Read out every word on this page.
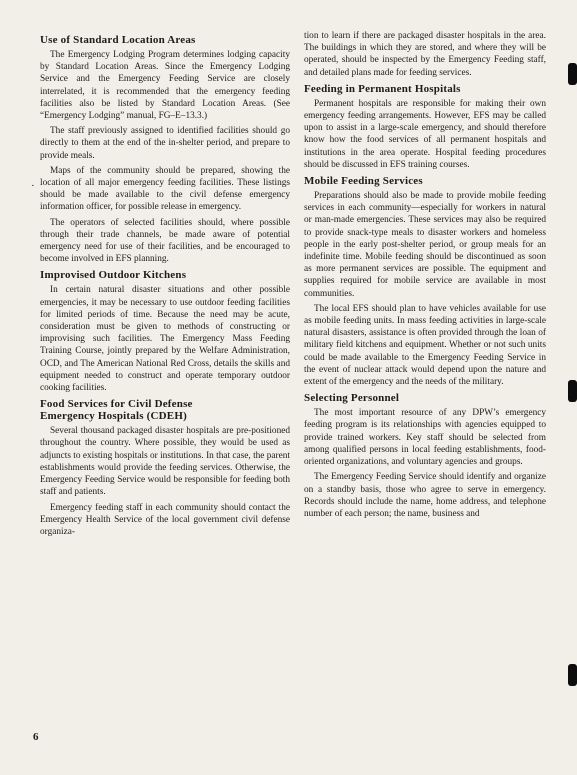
Use of Standard Location Areas

The Emergency Lodging Program determines lodging capacity by Standard Location Areas. Since the Emergency Lodging Service and the Emergency Feeding Service are closely interrelated, it is recommended that the emergency feeding facilities also be listed by Standard Location Areas. (See “Emergency Lodging” manual, FG–E–13.3.)

The staff previously assigned to identified facilities should go directly to them at the end of the in-shelter period, and prepare to provide meals.

Maps of the community should be prepared, showing the location of all major emergency feeding facilities. These listings should be made available to the civil defense emergency information officer, for possible release in emergency.

The operators of selected facilities should, where possible through their trade channels, be made aware of potential emergency need for use of their facilities, and be encouraged to become involved in EFS planning.

Improvised Outdoor Kitchens

In certain natural disaster situations and other possible emergencies, it may be necessary to use outdoor feeding facilities for limited periods of time. Because the need may be acute, consideration must be given to methods of constructing or improvising such facilities. The Emergency Mass Feeding Training Course, jointly prepared by the Welfare Administration, OCD, and The American National Red Cross, details the skills and equipment needed to construct and operate temporary outdoor cooking facilities.

Food Services for Civil Defense
Emergency Hospitals (CDEH)

Several thousand packaged disaster hospitals are pre-positioned throughout the country. Where possible, they would be used as adjuncts to existing hospitals or institutions. In that case, the parent establishments would provide the feeding services. Otherwise, the Emergency Feeding Service would be responsible for feeding both staff and patients.

Emergency feeding staff in each community should contact the Emergency Health Service of the local government civil defense organiza-

tion to learn if there are packaged disaster hospitals in the area. The buildings in which they are stored, and where they will be operated, should be inspected by the Emergency Feeding staff, and detailed plans made for feeding services.

Feeding in Permanent Hospitals

Permanent hospitals are responsible for making their own emergency feeding arrangements. However, EFS may be called upon to assist in a large-scale emergency, and should therefore know how the food services of all permanent hospitals and institutions in the area operate. Hospital feeding procedures should be discussed in EFS training courses.

Mobile Feeding Services

Preparations should also be made to provide mobile feeding services in each community—especially for workers in natural or man-made emergencies. These services may also be required to provide snack-type meals to disaster workers and homeless people in the early post-shelter period, or group meals for an indefinite time. Mobile feeding should be discontinued as soon as more permanent services are possible. The equipment and supplies required for mobile service are available in most communities.

The local EFS should plan to have vehicles available for use as mobile feeding units. In mass feeding activities in large-scale natural disasters, assistance is often provided through the loan of military field kitchens and equipment. Whether or not such units could be made available to the Emergency Feeding Service in the event of nuclear attack would depend upon the nature and extent of the emergency and the needs of the military.

Selecting Personnel

The most important resource of any DPW’s emergency feeding program is its relationships with agencies equipped to provide trained workers. Key staff should be selected from among qualified persons in local feeding establishments, food-oriented organizations, and voluntary agencies and groups.

The Emergency Feeding Service should identify and organize on a standby basis, those who agree to serve in emergency. Records should include the name, home address, and telephone number of each person; the name, business and

6
·
